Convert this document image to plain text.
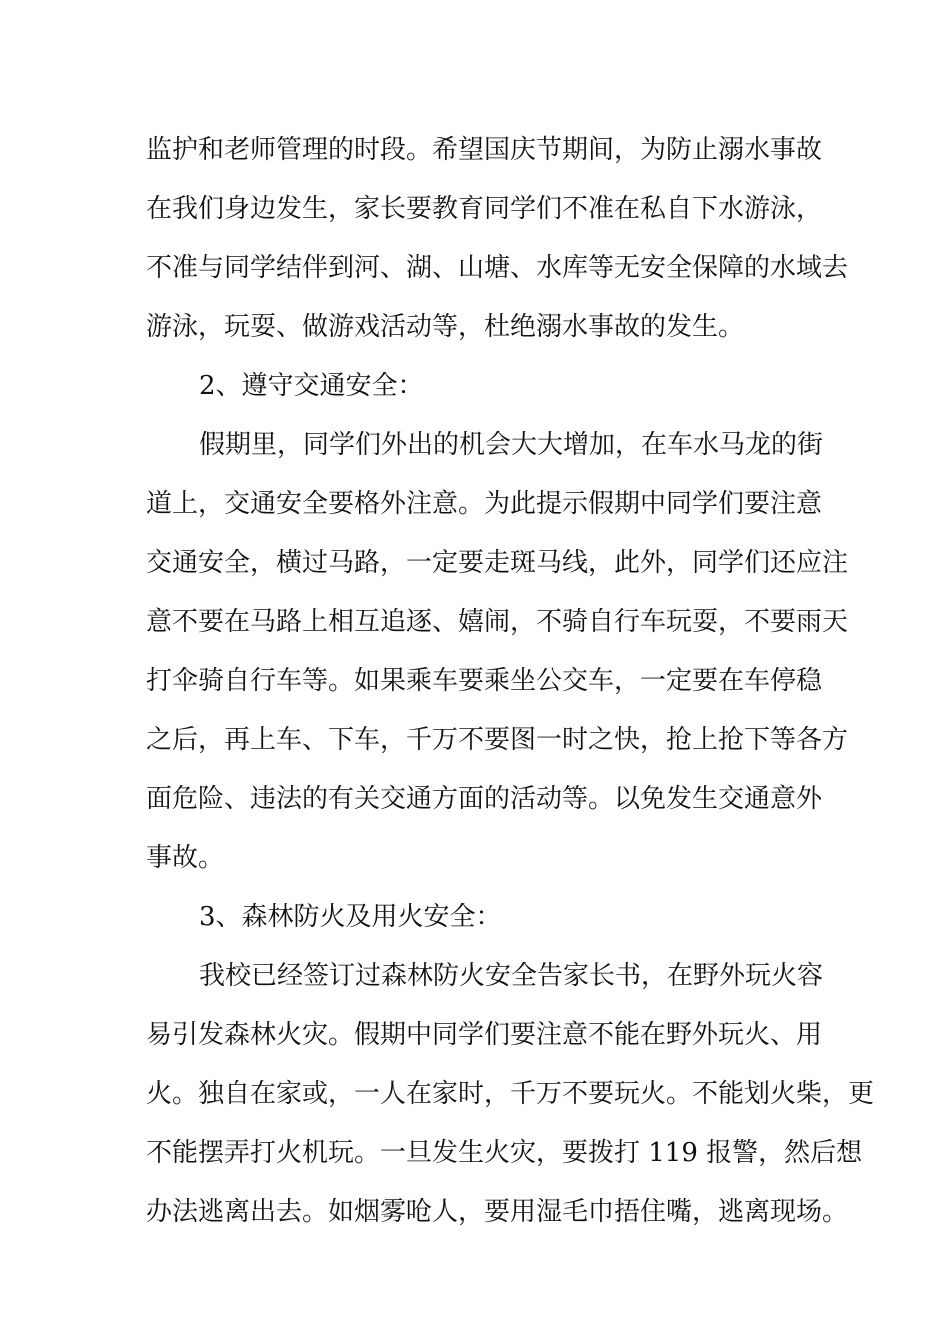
监护和老师管理的时段。希望国庆节期间，为防止溺水事故

在我们身边发生，家长要教育同学们不准在私自下水游泳，

不准与同学结伴到河、湖、山塘、水库等无安全保障的水域去

游泳，玩耍、做游戏活动等，杜绝溺水事故的发生。

2、遵守交通安全：

假期里，同学们外出的机会大大增加，在车水马龙的街

道上，交通安全要格外注意。为此提示假期中同学们要注意

交通安全，横过马路，一定要走斑马线，此外，同学们还应注

意不要在马路上相互追逐、嬉闹，不骑自行车玩耍，不要雨天

打伞骑自行车等。如果乘车要乘坐公交车，一定要在车停稳

之后，再上车、下车，千万不要图一时之快，抢上抢下等各方

面危险、违法的有关交通方面的活动等。以免发生交通意外

事故。

3、森林防火及用火安全：

我校已经签订过森林防火安全告家长书，在野外玩火容

易引发森林火灾。假期中同学们要注意不能在野外玩火、用

火。独自在家或，一人在家时，千万不要玩火。不能划火柴，更

不能摆弄打火机玩。一旦发生火灾，要拨打 119 报警，然后想

办法逃离出去。如烟雾呛人，要用湿毛巾捂住嘴，逃离现场。
